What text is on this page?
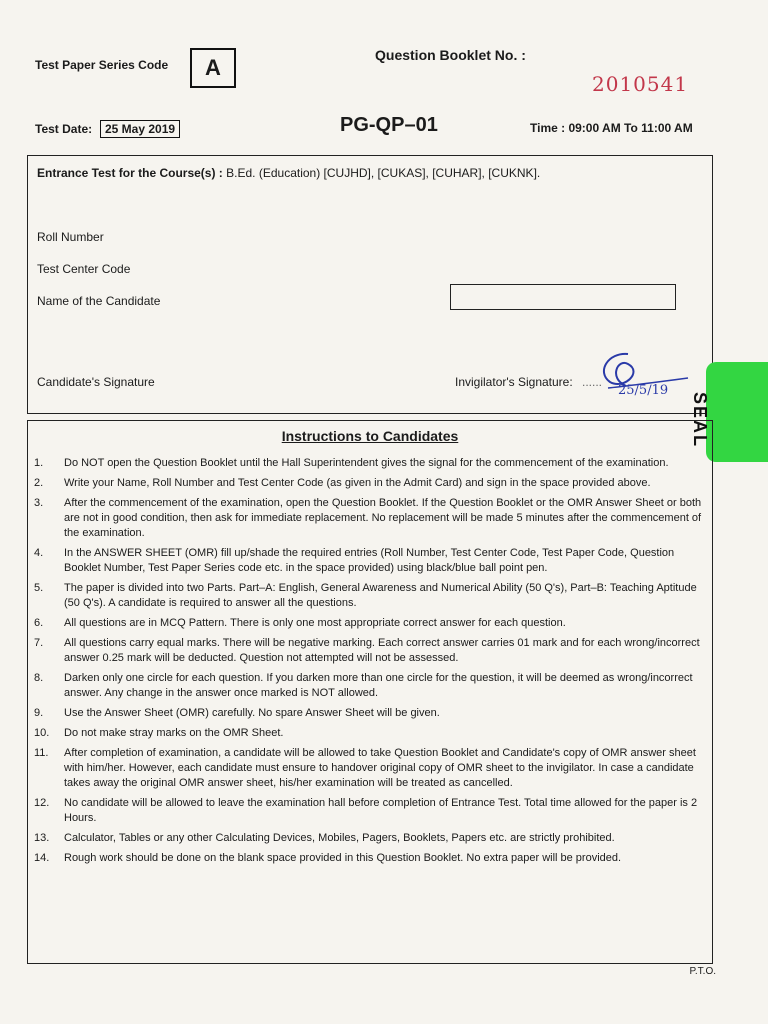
Test Paper Series Code	A	Question Booklet No. :
2010541
Test Date:	25 May 2019	PG-QP–01	Time : 09:00 AM To 11:00 AM
Entrance Test for the Course(s) : B.Ed. (Education) [CUJHD], [CUKAS], [CUHAR], [CUKNK].
Roll Number
Test Center Code
Name of the Candidate
Candidate's Signature	Invigilator's Signature: ......
25/5/19
SEAL
Instructions to Candidates
1.	Do NOT open the Question Booklet until the Hall Superintendent gives the signal for the commencement of the examination.
2.	Write your Name, Roll Number and Test Center Code (as given in the Admit Card) and sign in the space provided above.
3.	After the commencement of the examination, open the Question Booklet. If the Question Booklet or the OMR Answer Sheet or both are not in good condition, then ask for immediate replacement. No replacement will be made 5 minutes after the commencement of the examination.
4.	In the ANSWER SHEET (OMR) fill up/shade the required entries (Roll Number, Test Center Code, Test Paper Code, Question Booklet Number, Test Paper Series code etc. in the space provided) using black/blue ball point pen.
5.	The paper is divided into two Parts. Part–A: English, General Awareness and Numerical Ability (50 Q's), Part–B: Teaching Aptitude (50 Q's). A candidate is required to answer all the questions.
6.	All questions are in MCQ Pattern. There is only one most appropriate correct answer for each question.
7.	All questions carry equal marks. There will be negative marking. Each correct answer carries 01 mark and for each wrong/incorrect answer 0.25 mark will be deducted. Question not attempted will not be assessed.
8.	Darken only one circle for each question. If you darken more than one circle for the question, it will be deemed as wrong/incorrect answer. Any change in the answer once marked is NOT allowed.
9.	Use the Answer Sheet (OMR) carefully. No spare Answer Sheet will be given.
10.	Do not make stray marks on the OMR Sheet.
11.	After completion of examination, a candidate will be allowed to take Question Booklet and Candidate's copy of OMR answer sheet with him/her. However, each candidate must ensure to handover original copy of OMR sheet to the invigilator. In case a candidate takes away the original OMR answer sheet, his/her examination will be treated as cancelled.
12.	No candidate will be allowed to leave the examination hall before completion of Entrance Test. Total time allowed for the paper is 2 Hours.
13.	Calculator, Tables or any other Calculating Devices, Mobiles, Pagers, Booklets, Papers etc. are strictly prohibited.
14.	Rough work should be done on the blank space provided in this Question Booklet. No extra paper will be provided.
P.T.O.
